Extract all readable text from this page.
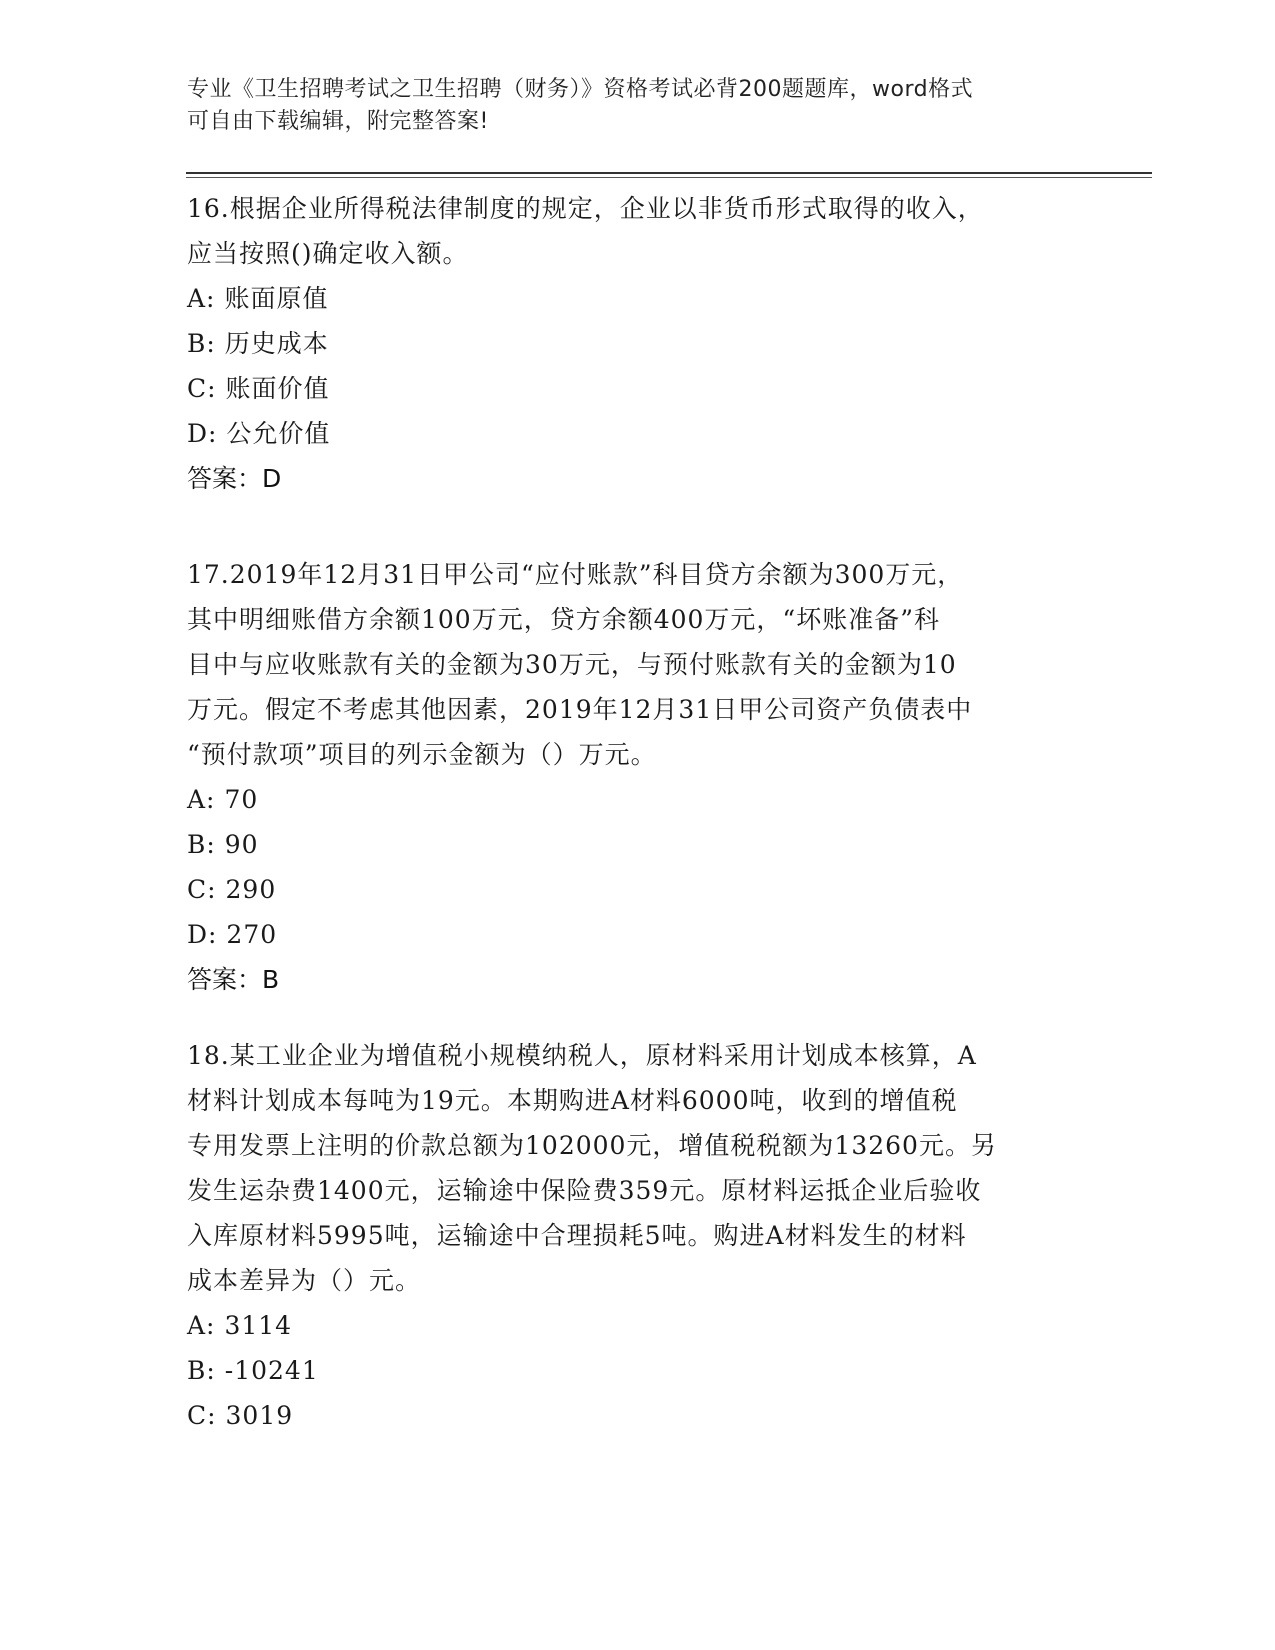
专业《卫生招聘考试之卫生招聘（财务）》资格考试必背200题题库，word格式
可自由下载编辑，附完整答案!
16.根据企业所得税法律制度的规定，企业以非货币形式取得的收入，
应当按照()确定收入额。
A: 账面原值
B: 历史成本
C: 账面价值
D: 公允价值
答案：D
17.2019年12月31日甲公司“应付账款”科目贷方余额为300万元，
其中明细账借方余额100万元，贷方余额400万元，“坏账准备”科
目中与应收账款有关的金额为30万元，与预付账款有关的金额为10
万元。假定不考虑其他因素，2019年12月31日甲公司资产负债表中
“预付款项”项目的列示金额为（）万元。
A: 70
B: 90
C: 290
D: 270
答案：B
18.某工业企业为增值税小规模纳税人，原材料采用计划成本核算，A
材料计划成本每吨为19元。本期购进A材料6000吨，收到的增值税
专用发票上注明的价款总额为102000元，增值税税额为13260元。另
发生运杂费1400元，运输途中保险费359元。原材料运抵企业后验收
入库原材料5995吨，运输途中合理损耗5吨。购进A材料发生的材料
成本差异为（）元。
A: 3114
B: -10241
C: 3019
